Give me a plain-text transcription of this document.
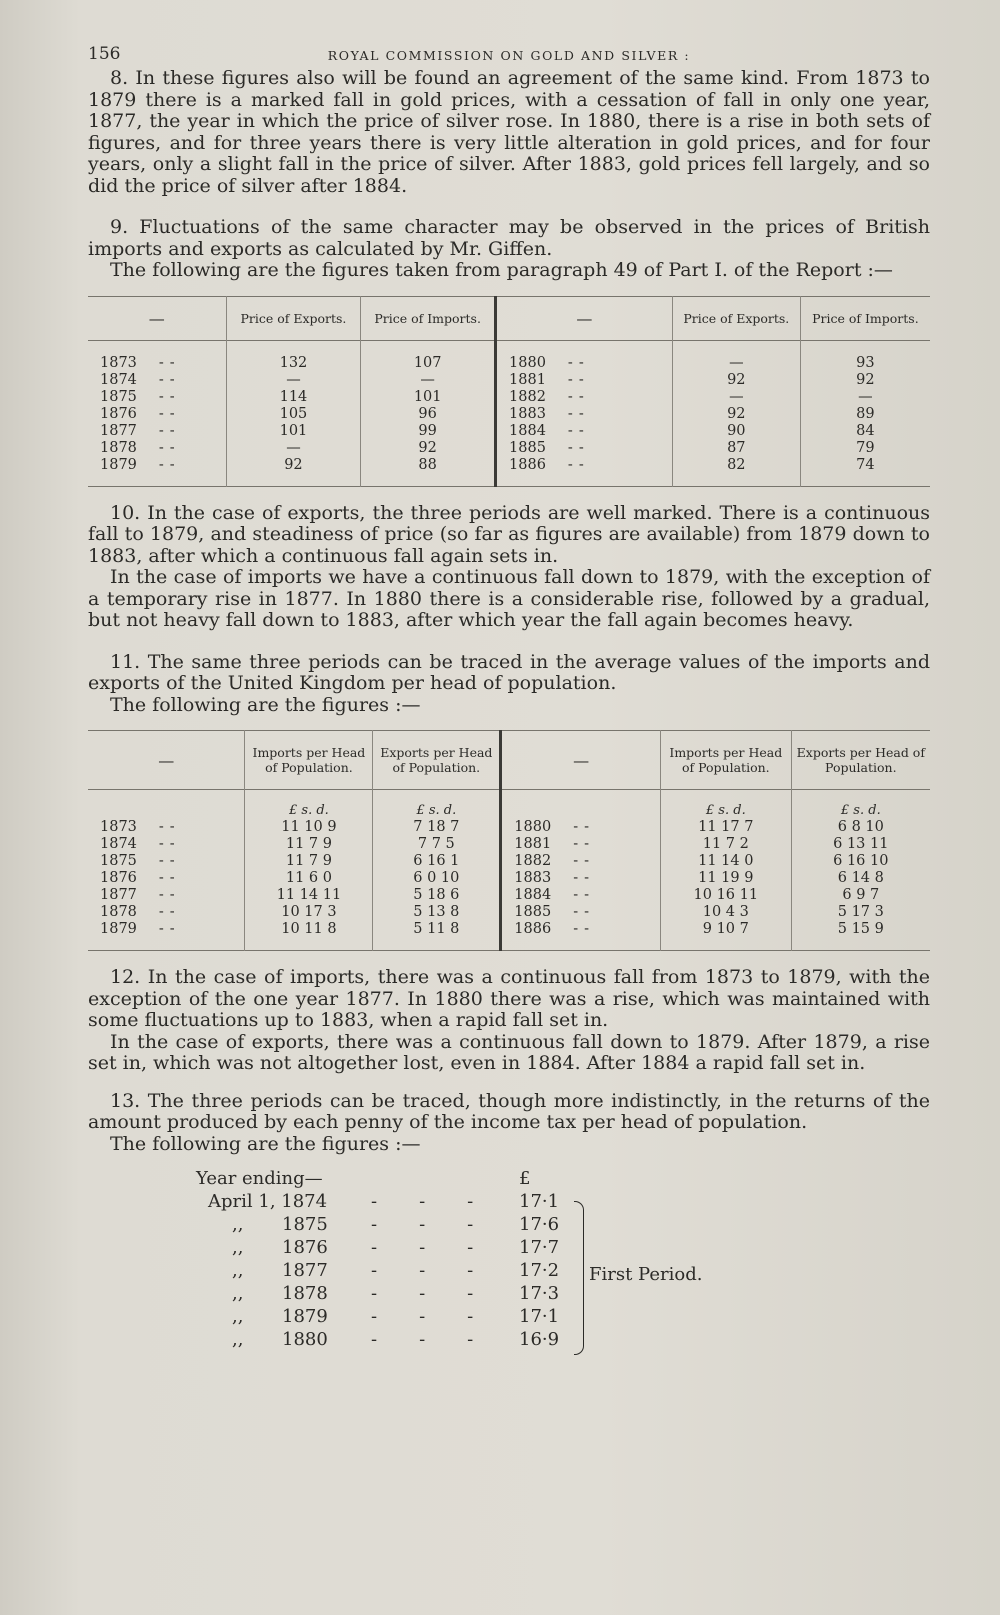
156	ROYAL COMMISSION ON GOLD AND SILVER :

8. In these figures also will be found an agreement of the same kind. From 1873 to 1879 there is a marked fall in gold prices, with a cessation of fall in only one year, 1877, the year in which the price of silver rose. In 1880, there is a rise in both sets of figures, and for three years there is very little alteration in gold prices, and for four years, only a slight fall in the price of silver. After 1883, gold prices fell largely, and so did the price of silver after 1884.

9. Fluctuations of the same character may be observed in the prices of British imports and exports as calculated by Mr. Giffen.

The following are the figures taken from paragraph 49 of Part I. of the Report :—

—	Price of Exports.	Price of Imports.	—	Price of Exports.	Price of Imports.
1873 --	132	107	1880 --	—	93
1874 --	—	—	1881 --	92	92
1875 --	114	101	1882 --	—	—
1876 --	105	96	1883 --	92	89
1877 --	101	99	1884 --	90	84
1878 --	—	92	1885 --	87	79
1879 --	92	88	1886 --	82	74

10. In the case of exports, the three periods are well marked. There is a continuous fall to 1879, and steadiness of price (so far as figures are available) from 1879 down to 1883, after which a continuous fall again sets in.

In the case of imports we have a continuous fall down to 1879, with the exception of a temporary rise in 1877. In 1880 there is a considerable rise, followed by a gradual, but not heavy fall down to 1883, after which year the fall again becomes heavy.

11. The same three periods can be traced in the average values of the imports and exports of the United Kingdom per head of population.

The following are the figures :—

—	Imports per Head of Population.	Exports per Head of Population.	—	Imports per Head of Population.	Exports per Head of Population.
	£ s. d.	£ s. d.		£ s. d.	£ s. d.
1873 --	11 10 9	7 18 7	1880 --	11 17 7	6 8 10
1874 --	11 7 9	7 7 5	1881 --	11 7 2	6 13 11
1875 --	11 7 9	6 16 1	1882 --	11 14 0	6 16 10
1876 --	11 6 0	6 0 10	1883 --	11 19 9	6 14 8
1877 --	11 14 11	5 18 6	1884 --	10 16 11	6 9 7
1878 --	10 17 3	5 13 8	1885 --	10 4 3	5 17 3
1879 --	10 11 8	5 11 8	1886 --	9 10 7	5 15 9

12. In the case of imports, there was a continuous fall from 1873 to 1879, with the exception of the one year 1877. In 1880 there was a rise, which was maintained with some fluctuations up to 1883, when a rapid fall set in.

In the case of exports, there was a continuous fall down to 1879. After 1879, a rise set in, which was not altogether lost, even in 1884. After 1884 a rapid fall set in.

13. The three periods can be traced, though more indistinctly, in the returns of the amount produced by each penny of the income tax per head of population.

The following are the figures :—

Year ending—	£
April 1, 1874 --- 17·1
,, 1875 --- 17·6
,, 1876 --- 17·7
,, 1877 --- 17·2
,, 1878 --- 17·3
,, 1879 --- 17·1
,, 1880 --- 16·9
First Period.
